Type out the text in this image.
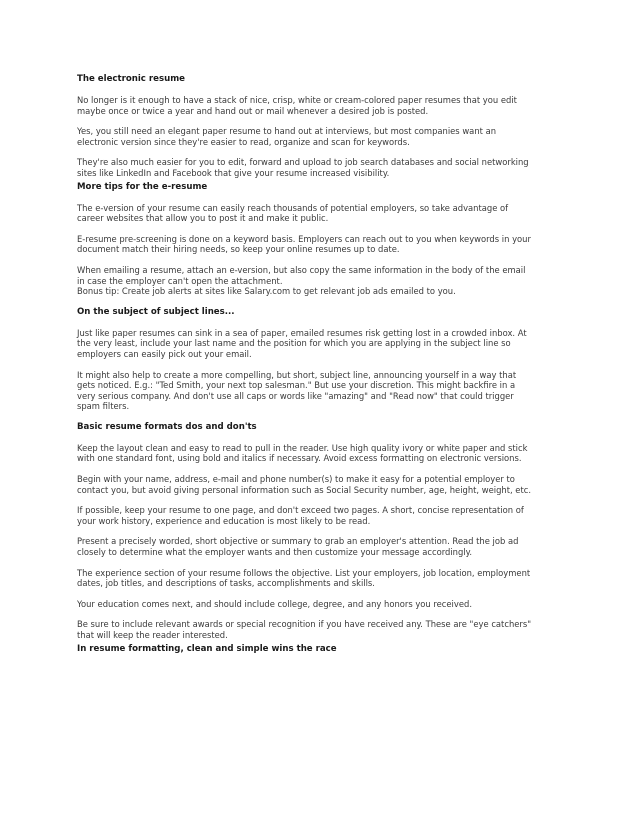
The electronic resume

No longer is it enough to have a stack of nice, crisp, white or cream-colored paper resumes that you edit
maybe once or twice a year and hand out or mail whenever a desired job is posted.

Yes, you still need an elegant paper resume to hand out at interviews, but most companies want an
electronic version since they're easier to read, organize and scan for keywords.

They're also much easier for you to edit, forward and upload to job search databases and social networking
sites like LinkedIn and Facebook that give your resume increased visibility.

More tips for the e-resume

The e-version of your resume can easily reach thousands of potential employers, so take advantage of
career websites that allow you to post it and make it public.

E-resume pre-screening is done on a keyword basis. Employers can reach out to you when keywords in your
document match their hiring needs, so keep your online resumes up to date.

When emailing a resume, attach an e-version, but also copy the same information in the body of the email
in case the employer can't open the attachment.
Bonus tip: Create job alerts at sites like Salary.com to get relevant job ads emailed to you.

On the subject of subject lines...

Just like paper resumes can sink in a sea of paper, emailed resumes risk getting lost in a crowded inbox. At
the very least, include your last name and the position for which you are applying in the subject line so
employers can easily pick out your email.

It might also help to create a more compelling, but short, subject line, announcing yourself in a way that
gets noticed. E.g.: "Ted Smith, your next top salesman." But use your discretion. This might backfire in a
very serious company. And don't use all caps or words like "amazing" and "Read now" that could trigger
spam filters.

Basic resume formats dos and don'ts

Keep the layout clean and easy to read to pull in the reader. Use high quality ivory or white paper and stick
with one standard font, using bold and italics if necessary. Avoid excess formatting on electronic versions.

Begin with your name, address, e-mail and phone number(s) to make it easy for a potential employer to
contact you, but avoid giving personal information such as Social Security number, age, height, weight, etc.

If possible, keep your resume to one page, and don't exceed two pages. A short, concise representation of
your work history, experience and education is most likely to be read.

Present a precisely worded, short objective or summary to grab an employer's attention. Read the job ad
closely to determine what the employer wants and then customize your message accordingly.

The experience section of your resume follows the objective. List your employers, job location, employment
dates, job titles, and descriptions of tasks, accomplishments and skills.

Your education comes next, and should include college, degree, and any honors you received.

Be sure to include relevant awards or special recognition if you have received any. These are "eye catchers"
that will keep the reader interested.

In resume formatting, clean and simple wins the race
